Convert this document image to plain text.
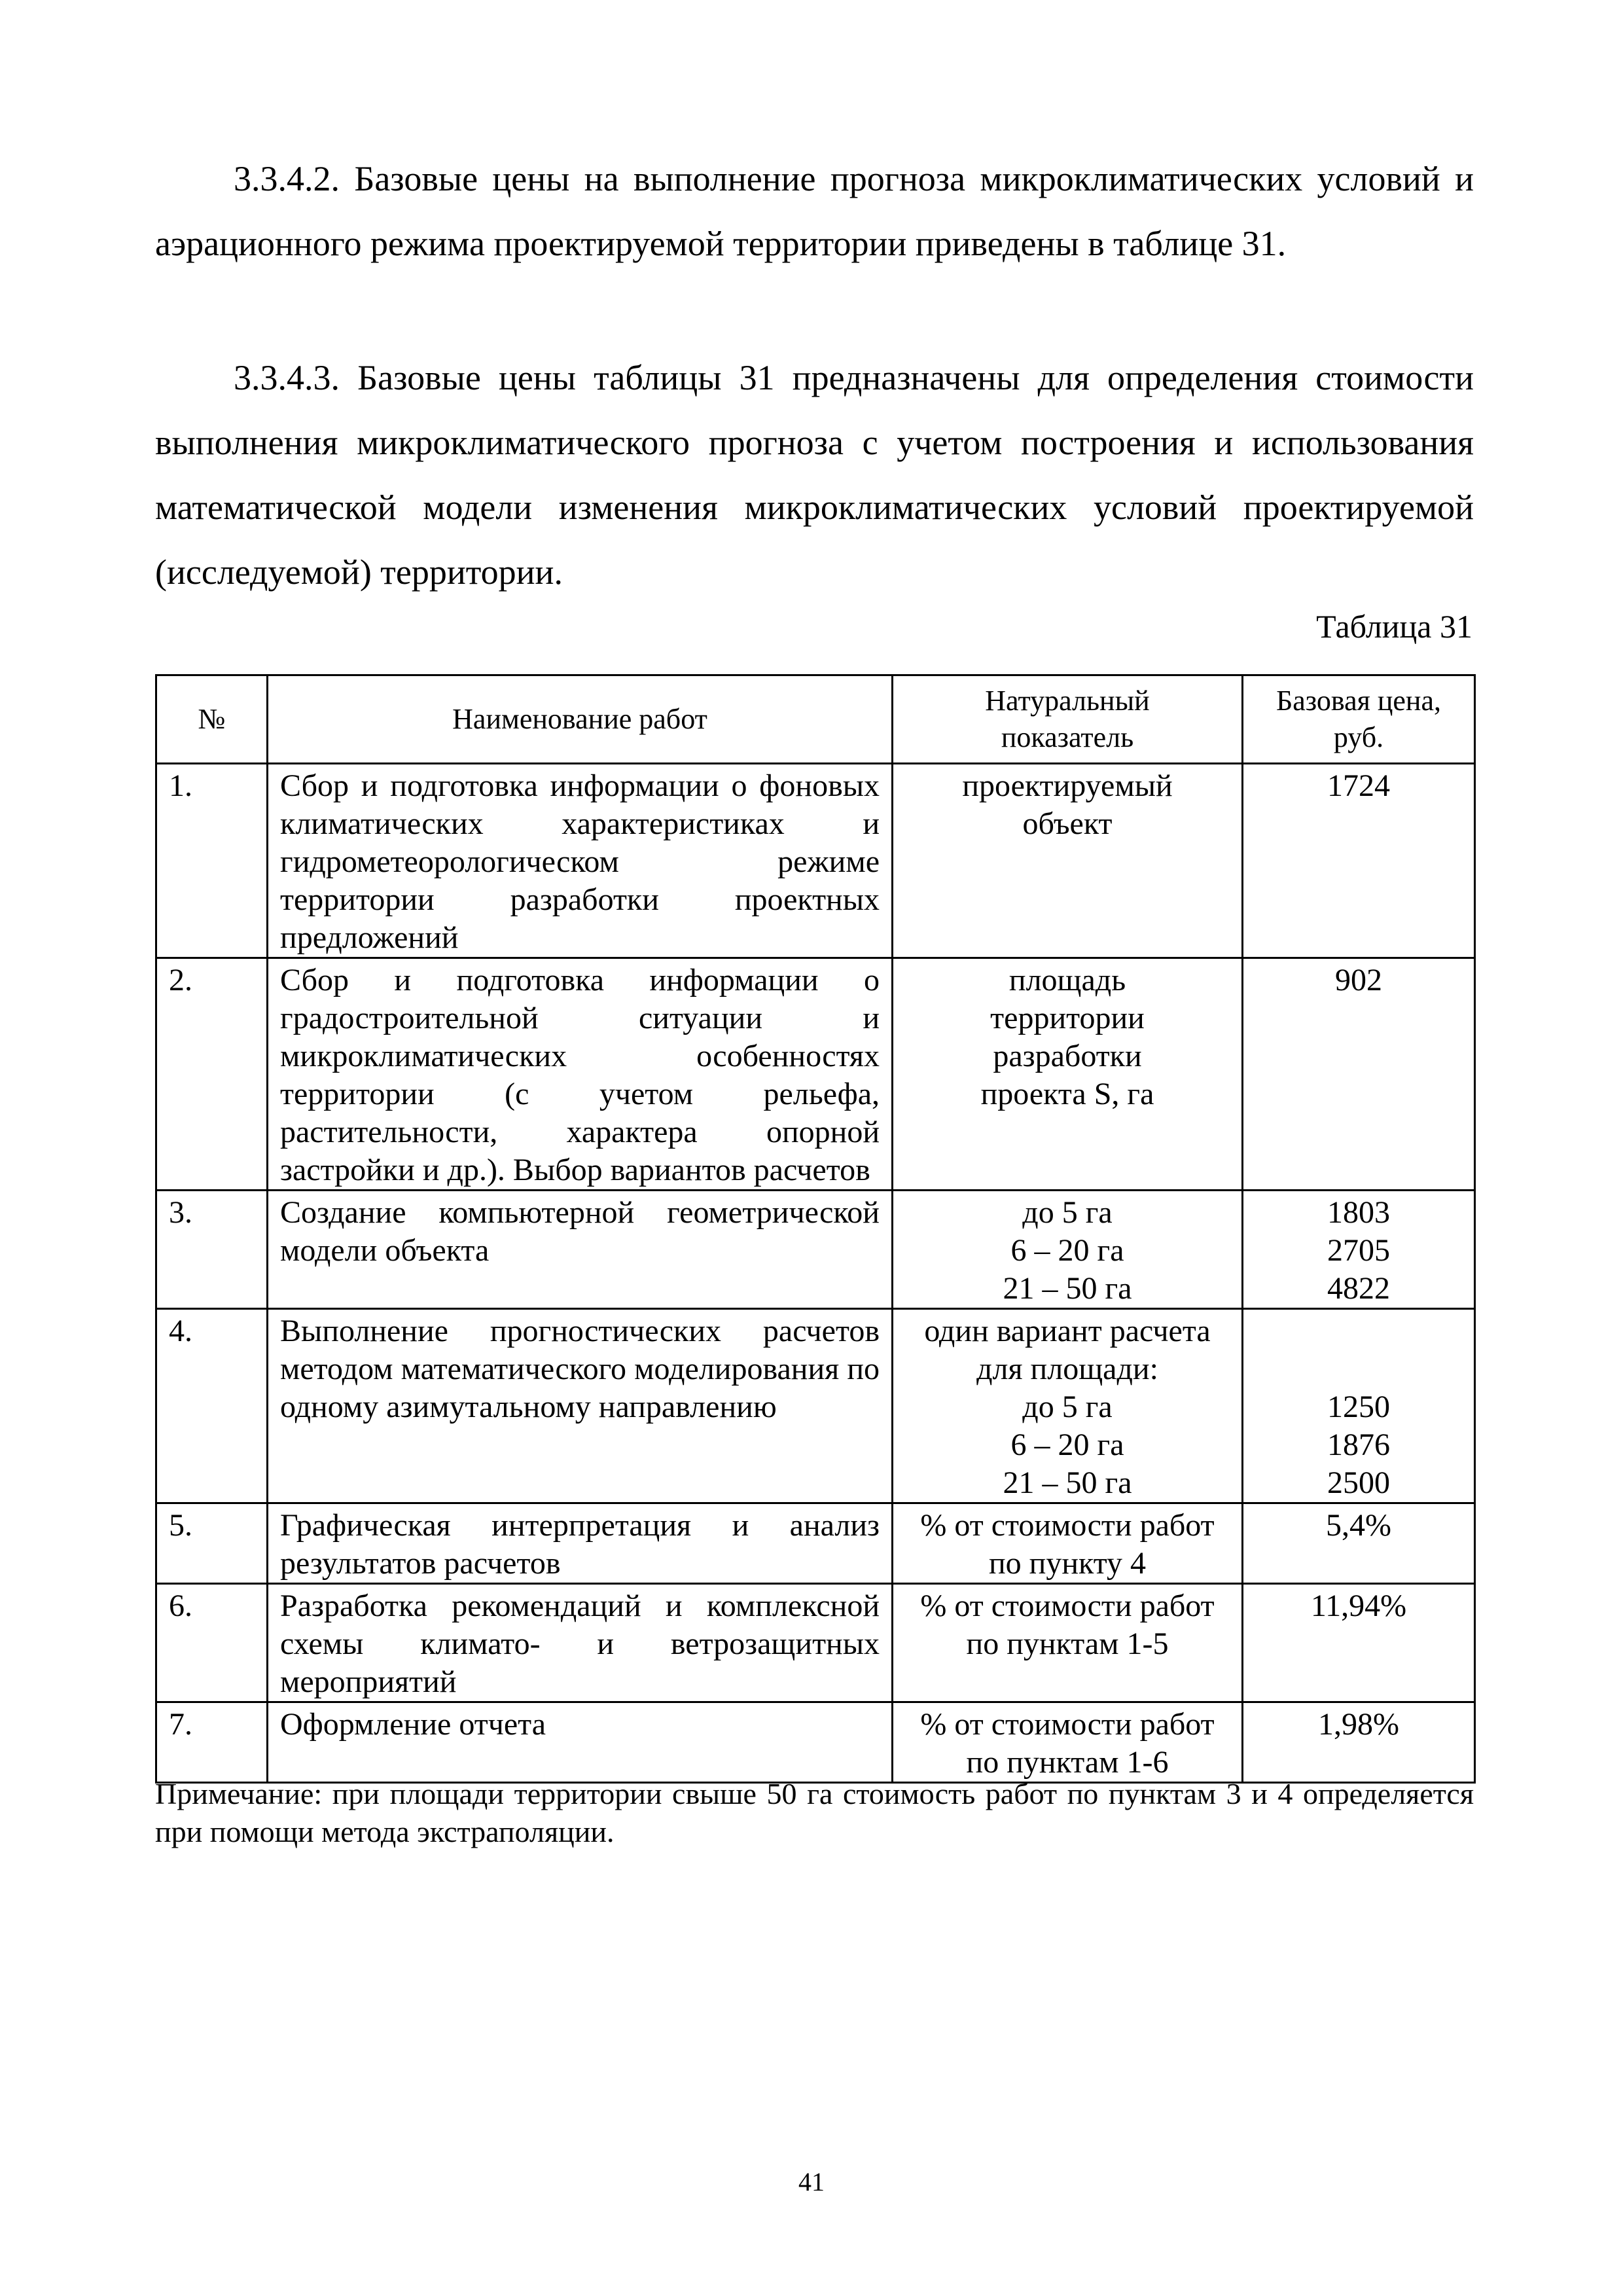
3.3.4.2. Базовые цены на выполнение прогноза микроклиматических условий и аэрационного режима проектируемой территории приведены в таблице 31.

3.3.4.3. Базовые цены таблицы 31 предназначены для определения стоимости выполнения микроклиматического прогноза с учетом построения и использования математической модели изменения микроклиматических условий проектируемой (исследуемой) территории.

Таблица 31
№	Наименование работ	Натуральный
показатель	Базовая цена,
руб.

1.	Сбор и подготовка информации о фоновых климатических характеристиках и гидрометеорологическом режиме территории разработки проектных предложений	проектируемый
объект	1724

2.	Сбор и подготовка информации о градостроительной ситуации и микроклиматических особенностях территории (с учетом рельефа, растительности, характера опорной застройки и др.). Выбор вариантов расчетов	площадь
территории
разработки
проекта S, га	902

3.	Создание компьютерной геометрической модели объекта	до 5 га
6 – 20 га
21 – 50 га	1803
2705
4822

4.	Выполнение прогностических расчетов методом математического моделирования по одному азимутальному направлению	один вариант расчета
для площади:
до 5 га
6 – 20 га
21 – 50 га	1250
1876
2500

5.	Графическая интерпретация и анализ результатов расчетов	% от стоимости работ
по пункту 4	5,4%

6.	Разработка рекомендаций и комплексной схемы климато- и ветрозащитных мероприятий	% от стоимости работ
по пунктам 1-5	11,94%

7.	Оформление отчета	% от стоимости работ
по пунктам 1-6	1,98%

Примечание: при площади территории свыше 50 га стоимость работ по пунктам 3 и 4 определяется при помощи метода экстраполяции.

41
